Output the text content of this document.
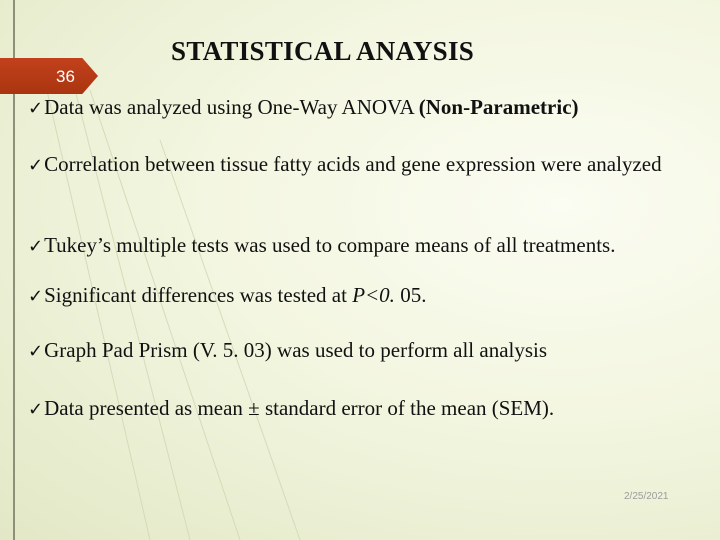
36
STATISTICAL ANAYSIS
✓Data was analyzed using One-Way ANOVA (Non-Parametric)
✓Correlation between tissue fatty acids and gene expression were analyzed
✓Tukey’s multiple tests was used to compare means of all treatments.
✓Significant differences was tested at P<0. 05.
✓Graph Pad Prism (V. 5. 03) was used to perform all analysis
✓Data presented as mean ± standard error of the mean (SEM).
2/25/2021
